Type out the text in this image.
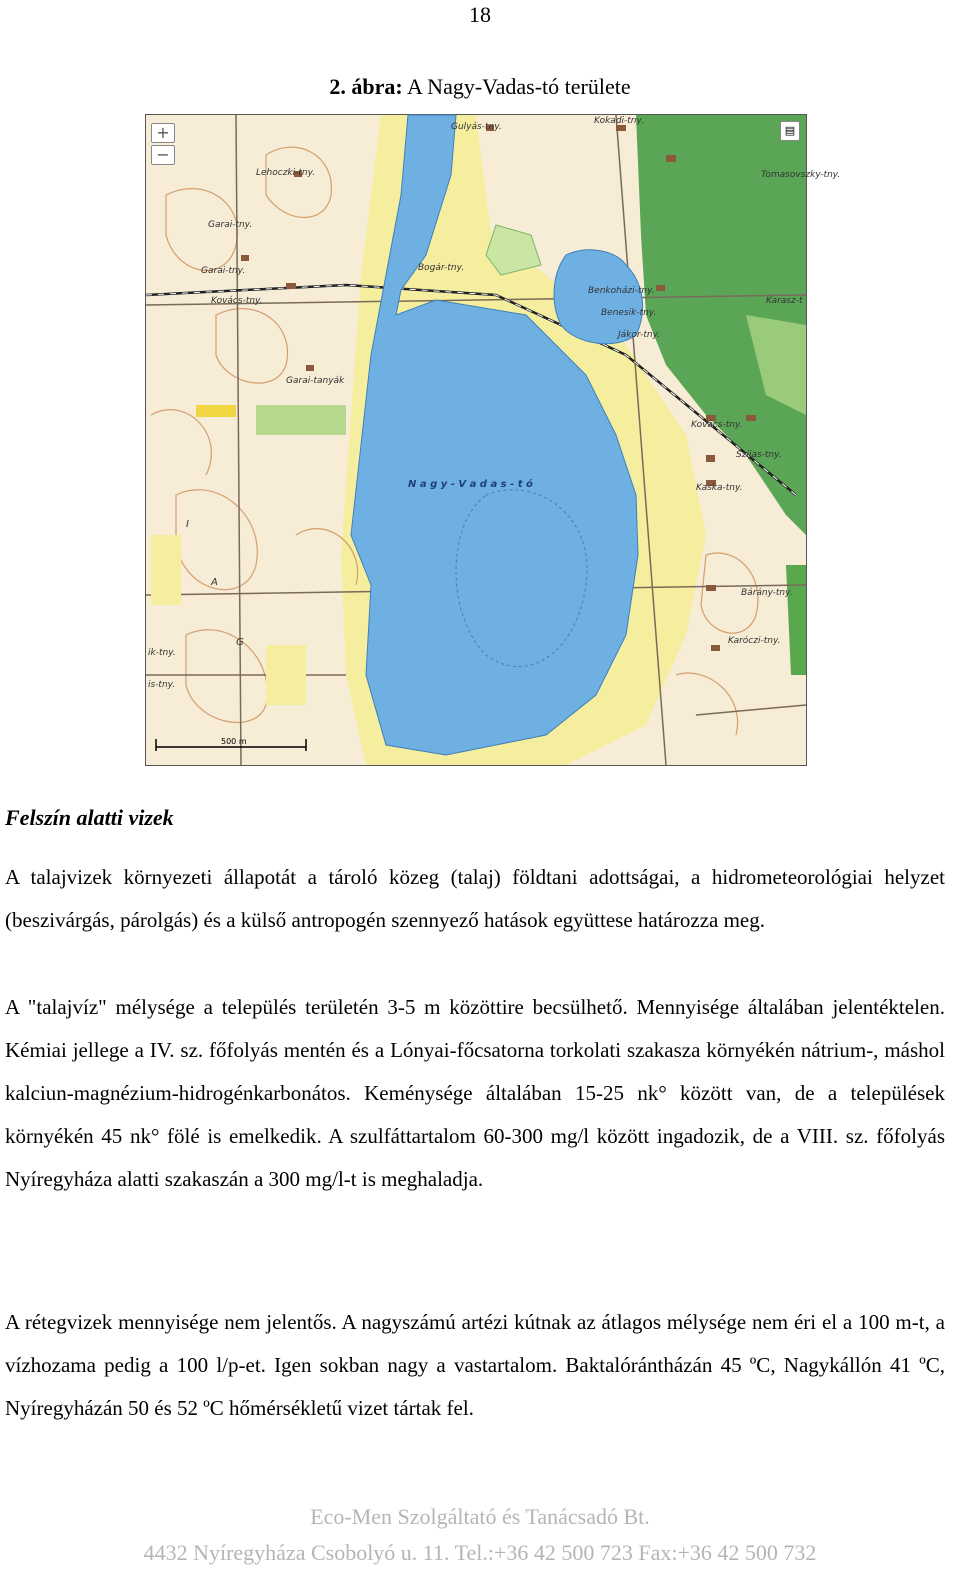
18
2. ábra: A Nagy-Vadas-tó területe
Gulyás-tny.
Kokadi-tny.
Lehoczki-tny.	Tomasovszky-tny.
Garai-tny.
Garai-tny.	Bogár-tny.
Benkoházi-tny.
Benesik-tny.
Jákor-tny.
Kovács-tny.	Karasz-t
Garai-tanyák
Kovács-tny.
Szijas-tny.
Kaska-tny.
Bárány-tny.
Karóczi-tny.
ik-tny.
is-tny.
I
A
G
N a g y - V a d a s - t ó
500 m
+
−
▤
Felszín alatti vizek

A talajvizek környezeti állapotát a tároló közeg (talaj) földtani adottságai, a hidrometeorológiai helyzet (beszivárgás, párolgás) és a külső antropogén szennyező hatások együttese határozza meg.

A "talajvíz" mélysége a település területén 3-5 m közöttire becsülhető. Mennyisége általában jelentéktelen. Kémiai jellege a IV. sz. főfolyás mentén és a Lónyai-főcsatorna torkolati szakasza környékén nátrium-, máshol kalciun-magnézium-hidrogénkarbonátos. Keménysége általában 15-25 nk° között van, de a települések környékén 45 nk° fölé is emelkedik. A szulfáttartalom 60-300 mg/l között ingadozik, de a VIII. sz. főfolyás Nyíregyháza alatti szakaszán a 300 mg/l-t is meghaladja.

A rétegvizek mennyisége nem jelentős. A nagyszámú artézi kútnak az átlagos mélysége nem éri el a 100 m-t, a vízhozama pedig a 100 l/p-et. Igen sokban nagy a vastartalom. Baktalórántházán 45 ºC, Nagykállón 41 ºC, Nyíregyházán 50 és 52 ºC hőmérsékletű vizet tártak fel.

Eco-Men Szolgáltató és Tanácsadó Bt.
4432 Nyíregyháza Csobolyó u. 11. Tel.:+36 42 500 723 Fax:+36 42 500 732
